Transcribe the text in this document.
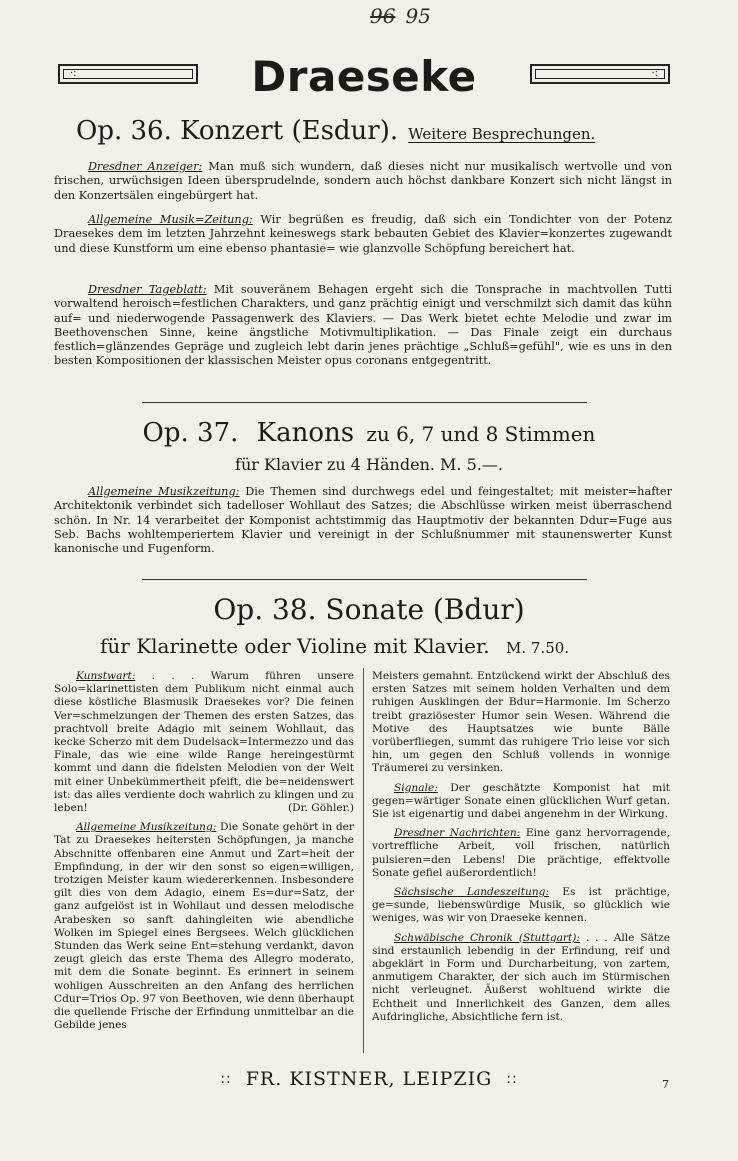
96 95
·:	Draeseke	·:
Op. 36. Konzert (Esdur). Weitere Besprechungen.
Dresdner Anzeiger: Man muß sich wundern, daß dieses nicht nur musikalisch wertvolle und von frischen, urwüchsigen Ideen übersprudelnde, sondern auch höchst dankbare Konzert sich nicht längst in den Konzertsälen eingebürgert hat.
Allgemeine Musik=Zeitung: Wir begrüßen es freudig, daß sich ein Tondichter von der Potenz Draesekes dem im letzten Jahrzehnt keineswegs stark bebauten Gebiet des Klavier=konzertes zugewandt und diese Kunstform um eine ebenso phantasie= wie glanzvolle Schöpfung bereichert hat.
Dresdner Tageblatt: Mit souveränem Behagen ergeht sich die Tonsprache in machtvollen Tutti vorwaltend heroisch=festlichen Charakters, und ganz prächtig einigt und verschmilzt sich damit das kühn auf= und niederwogende Passagenwerk des Klaviers. — Das Werk bietet echte Melodie und zwar im Beethovenschen Sinne, keine ängstliche Motivmultiplikation. — Das Finale zeigt ein durchaus festlich=glänzendes Gepräge und zugleich lebt darin jenes prächtige „Schluß=gefühl", wie es uns in den besten Kompositionen der klassischen Meister opus coronans entgegentritt.
Op. 37. Kanons zu 6, 7 und 8 Stimmen
für Klavier zu 4 Händen. M. 5.—.
Allgemeine Musikzeitung: Die Themen sind durchwegs edel und feingestaltet; mit meister=hafter Architektonik verbindet sich tadelloser Wohllaut des Satzes; die Abschlüsse wirken meist überraschend schön. In Nr. 14 verarbeitet der Komponist achtstimmig das Hauptmotiv der bekannten Ddur=Fuge aus Seb. Bachs wohltemperiertem Klavier und vereinigt in der Schlußnummer mit staunenswerter Kunst kanonische und Fugenform.
Op. 38. Sonate (Bdur)
für Klarinette oder Violine mit Klavier. M. 7.50.

Kunstwart: . . . Warum führen unsere Solo=klarinettisten dem Publikum nicht einmal auch diese köstliche Blasmusik Draesekes vor? Die feinen Ver=schmelzungen der Themen des ersten Satzes, das prachtvoll breite Adagio mit seinem Wohllaut, das kecke Scherzo mit dem Dudelsack=Intermezzo und das Finale, das wie eine wilde Range hereingestürmt kommt und dann die fidelsten Melodien von der Welt mit einer Unbekümmertheit pfeift, die be=neidenswert ist: das alles verdiente doch wahrlich zu klingen und zu leben!	(Dr. Göhler.)

Allgemeine Musikzeitung: Die Sonate gehört in der Tat zu Draesekes heitersten Schöpfungen, ja manche Abschnitte offenbaren eine Anmut und Zart=heit der Empfindung, in der wir den sonst so eigen=willigen, trotzigen Meister kaum wiedererkennen. Insbesondere gilt dies von dem Adagio, einem Es=dur=Satz, der ganz aufgelöst ist in Wohllaut und dessen melodische Arabesken so sanft dahingleiten wie abendliche Wolken im Spiegel eines Bergsees. Welch glücklichen Stunden das Werk seine Ent=stehung verdankt, davon zeugt gleich das erste Thema des Allegro moderato, mit dem die Sonate beginnt. Es erinnert in seinem wohligen Ausschreiten an den Anfang des herrlichen Cdur=Trios Op. 97 von Beethoven, wie denn überhaupt die quellende Frische der Erfindung unmittelbar an die Gebilde jenes

Meisters gemahnt. Entzückend wirkt der Abschluß des ersten Satzes mit seinem holden Verhalten und dem ruhigen Ausklingen der Bdur=Harmonie. Im Scherzo treibt graziösester Humor sein Wesen. Während die Motive des Hauptsatzes wie bunte Bälle vorüberfliegen, summt das ruhigere Trio leise vor sich hin, um gegen den Schluß vollends in wonnige Träumerei zu versinken.

Signale: Der geschätzte Komponist hat mit gegen=wärtiger Sonate einen glücklichen Wurf getan. Sie ist eigenartig und dabei angenehm in der Wirkung.

Dresdner Nachrichten: Eine ganz hervorragende, vortreffliche Arbeit, voll frischen, natürlich pulsieren=den Lebens! Die prächtige, effektvolle Sonate gefiel außerordentlich!

Sächsische Landeszeitung: Es ist prächtige, ge=sunde, liebenswürdige Musik, so glücklich wie weniges, was wir von Draeseke kennen.

Schwäbische Chronik (Stuttgart): . . . Alle Sätze sind erstaunlich lebendig in der Erfindung, reif und abgeklärt in Form und Durcharbeitung, von zartem, anmutigem Charakter, der sich auch im Stürmischen nicht verleugnet. Äußerst wohltuend wirkte die Echtheit und Innerlichkeit des Ganzen, dem alles Aufdringliche, Absichtliche fern ist.

:: FR. KISTNER, LEIPZIG ::	7
